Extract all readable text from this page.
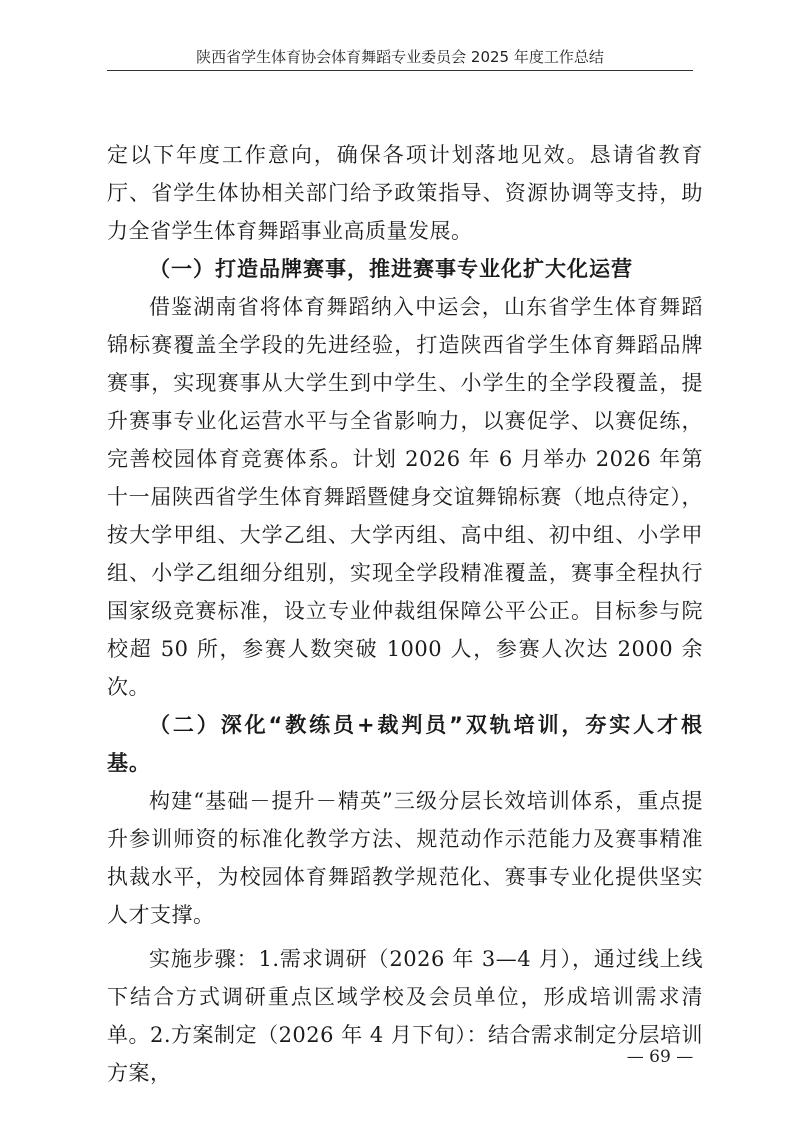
陕西省学生体育协会体育舞蹈专业委员会 2025 年度工作总结

定以下年度工作意向，确保各项计划落地见效。恳请省教育厅、省学生体协相关部门给予政策指导、资源协调等支持，助力全省学生体育舞蹈事业高质量发展。

（一）打造品牌赛事，推进赛事专业化扩大化运营

借鉴湖南省将体育舞蹈纳入中运会，山东省学生体育舞蹈锦标赛覆盖全学段的先进经验，打造陕西省学生体育舞蹈品牌赛事，实现赛事从大学生到中学生、小学生的全学段覆盖，提升赛事专业化运营水平与全省影响力，以赛促学、以赛促练，完善校园体育竞赛体系。计划 2026 年 6 月举办 2026 年第十一届陕西省学生体育舞蹈暨健身交谊舞锦标赛（地点待定），按大学甲组、大学乙组、大学丙组、高中组、初中组、小学甲组、小学乙组细分组别，实现全学段精准覆盖，赛事全程执行国家级竞赛标准，设立专业仲裁组保障公平公正。目标参与院校超 50 所，参赛人数突破 1000 人，参赛人次达 2000 余次。

（二）深化“教练员+裁判员”双轨培训，夯实人才根基。

构建“基础－提升－精英”三级分层长效培训体系，重点提升参训师资的标准化教学方法、规范动作示范能力及赛事精准执裁水平，为校园体育舞蹈教学规范化、赛事专业化提供坚实人才支撑。

实施步骤：1.需求调研（2026 年 3—4 月），通过线上线下结合方式调研重点区域学校及会员单位，形成培训需求清单。2.方案制定（2026 年 4 月下旬）：结合需求制定分层培训方案，

— 69 —
